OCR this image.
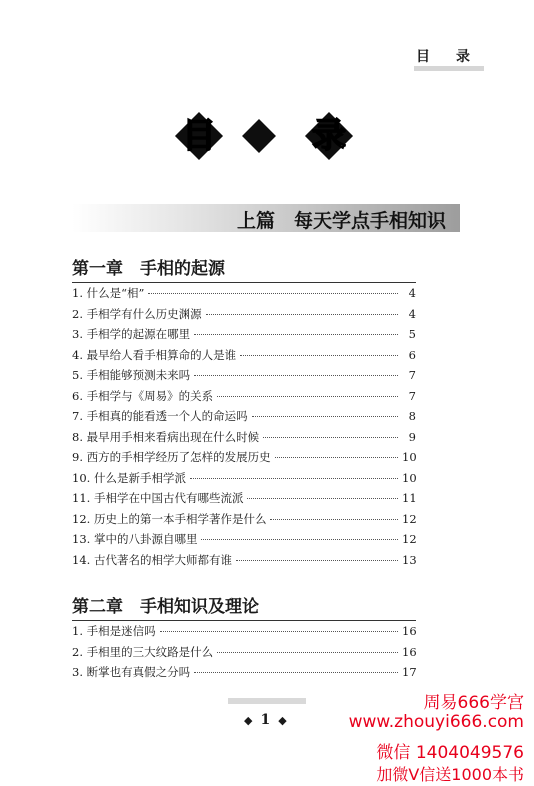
目　录
目	录
上篇　每天学点手相知识
第一章　手相的起源
1. 什么是“相”	4
2. 手相学有什么历史渊源	4
3. 手相学的起源在哪里	5
4. 最早给人看手相算命的人是谁	6
5. 手相能够预测未来吗	7
6. 手相学与《周易》的关系	7
7. 手相真的能看透一个人的命运吗	8
8. 最早用手相来看病出现在什么时候	9
9. 西方的手相学经历了怎样的发展历史	10
10. 什么是新手相学派	10
11. 手相学在中国古代有哪些流派	11
12. 历史上的第一本手相学著作是什么	12
13. 掌中的八卦源自哪里	12
14. 古代著名的相学大师都有谁	13
第二章　手相知识及理论
1. 手相是迷信吗	16
2. 手相里的三大纹路是什么	16
3. 断掌也有真假之分吗	17
◆ 1 ◆
周易666学宫
www.zhouyi666.com
微信 1404049576
加微V信送1000本书
